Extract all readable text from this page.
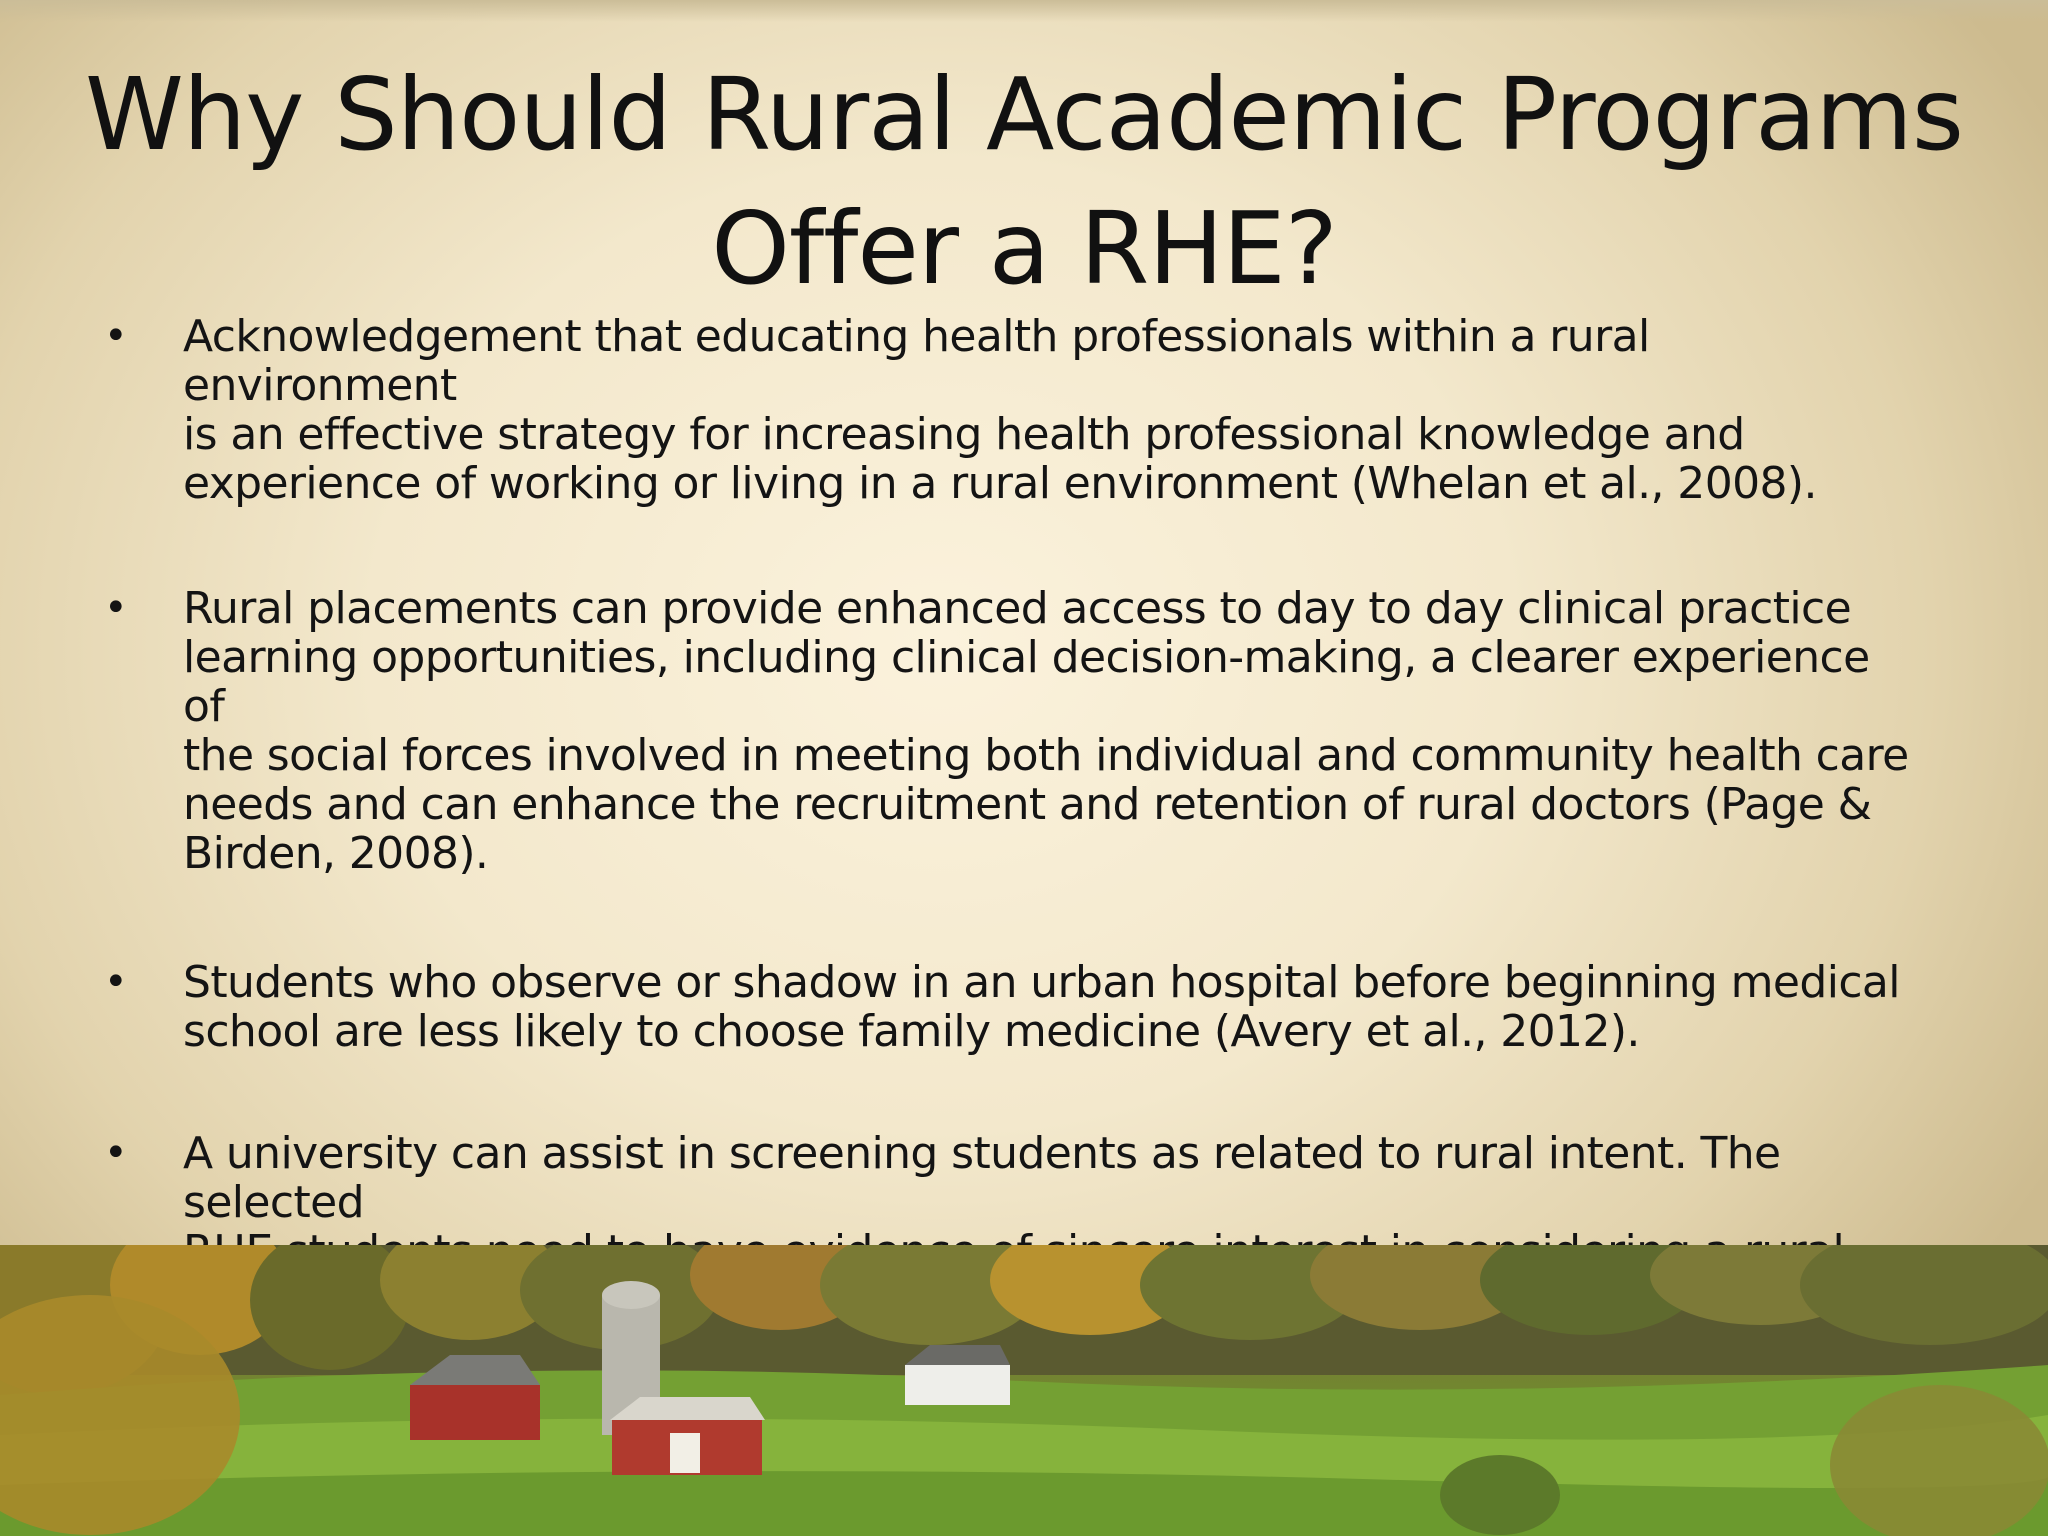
Why Should Rural Academic Programs
Offer a RHE?
• Acknowledgement that educating health professionals within a rural environment
is an effective strategy for increasing health professional knowledge and
experience of working or living in a rural environment (Whelan et al., 2008).
• Rural placements can provide enhanced access to day to day clinical practice
learning opportunities, including clinical decision-making, a clearer experience of
the social forces involved in meeting both individual and community health care
needs and can enhance the recruitment and retention of rural doctors (Page &
Birden, 2008).
• Students who observe or shadow in an urban hospital before beginning medical
school are less likely to choose family medicine (Avery et al., 2012).
• A university can assist in screening students as related to rural intent. The selected
